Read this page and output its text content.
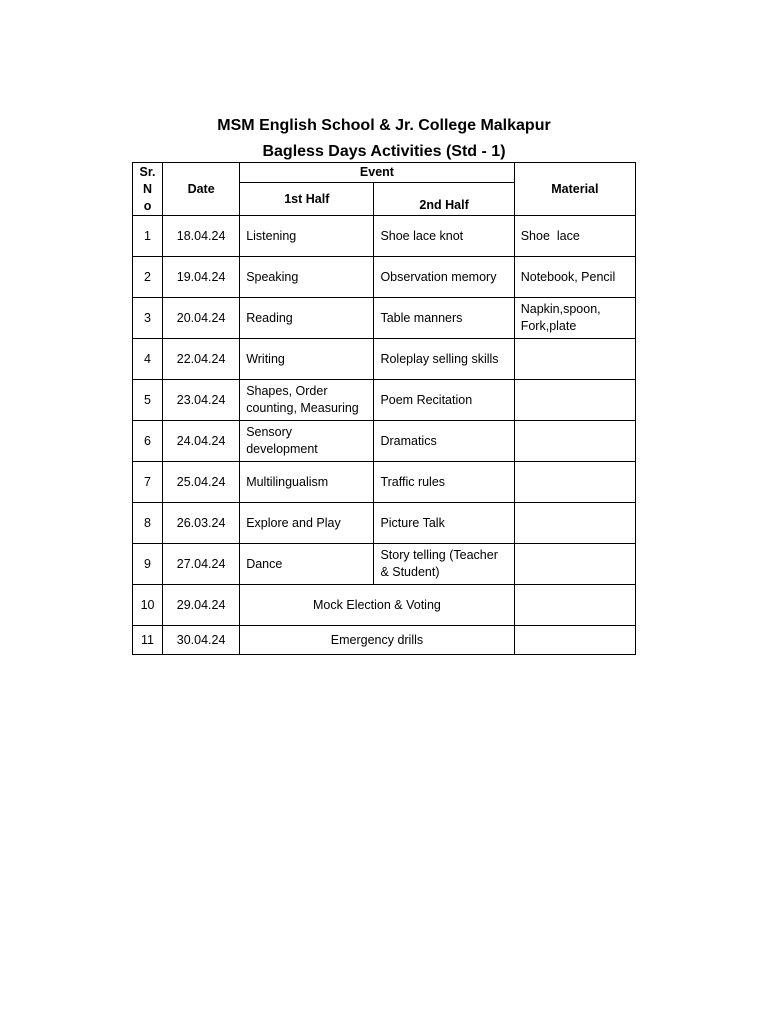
MSM English School & Jr. College Malkapur
Bagless Days Activities (Std - 1)
Sr.
N
o	Date	Event		Material
		1st Half	2nd Half	
1	18.04.24	Listening	Shoe lace knot	Shoe  lace
2	19.04.24	Speaking	Observation memory	Notebook, Pencil
3	20.04.24	Reading	Table manners	Napkin,spoon,
Fork,plate
4	22.04.24	Writing	Roleplay selling skills	
5	23.04.24	Shapes, Order
counting, Measuring	Poem Recitation	
6	24.04.24	Sensory
development	Dramatics	
7	25.04.24	Multilingualism	Traffic rules	
8	26.03.24	Explore and Play	Picture Talk	
9	27.04.24	Dance	Story telling (Teacher
& Student)	
10	29.04.24	Mock Election & Voting		
11	30.04.24	Emergency drills		
